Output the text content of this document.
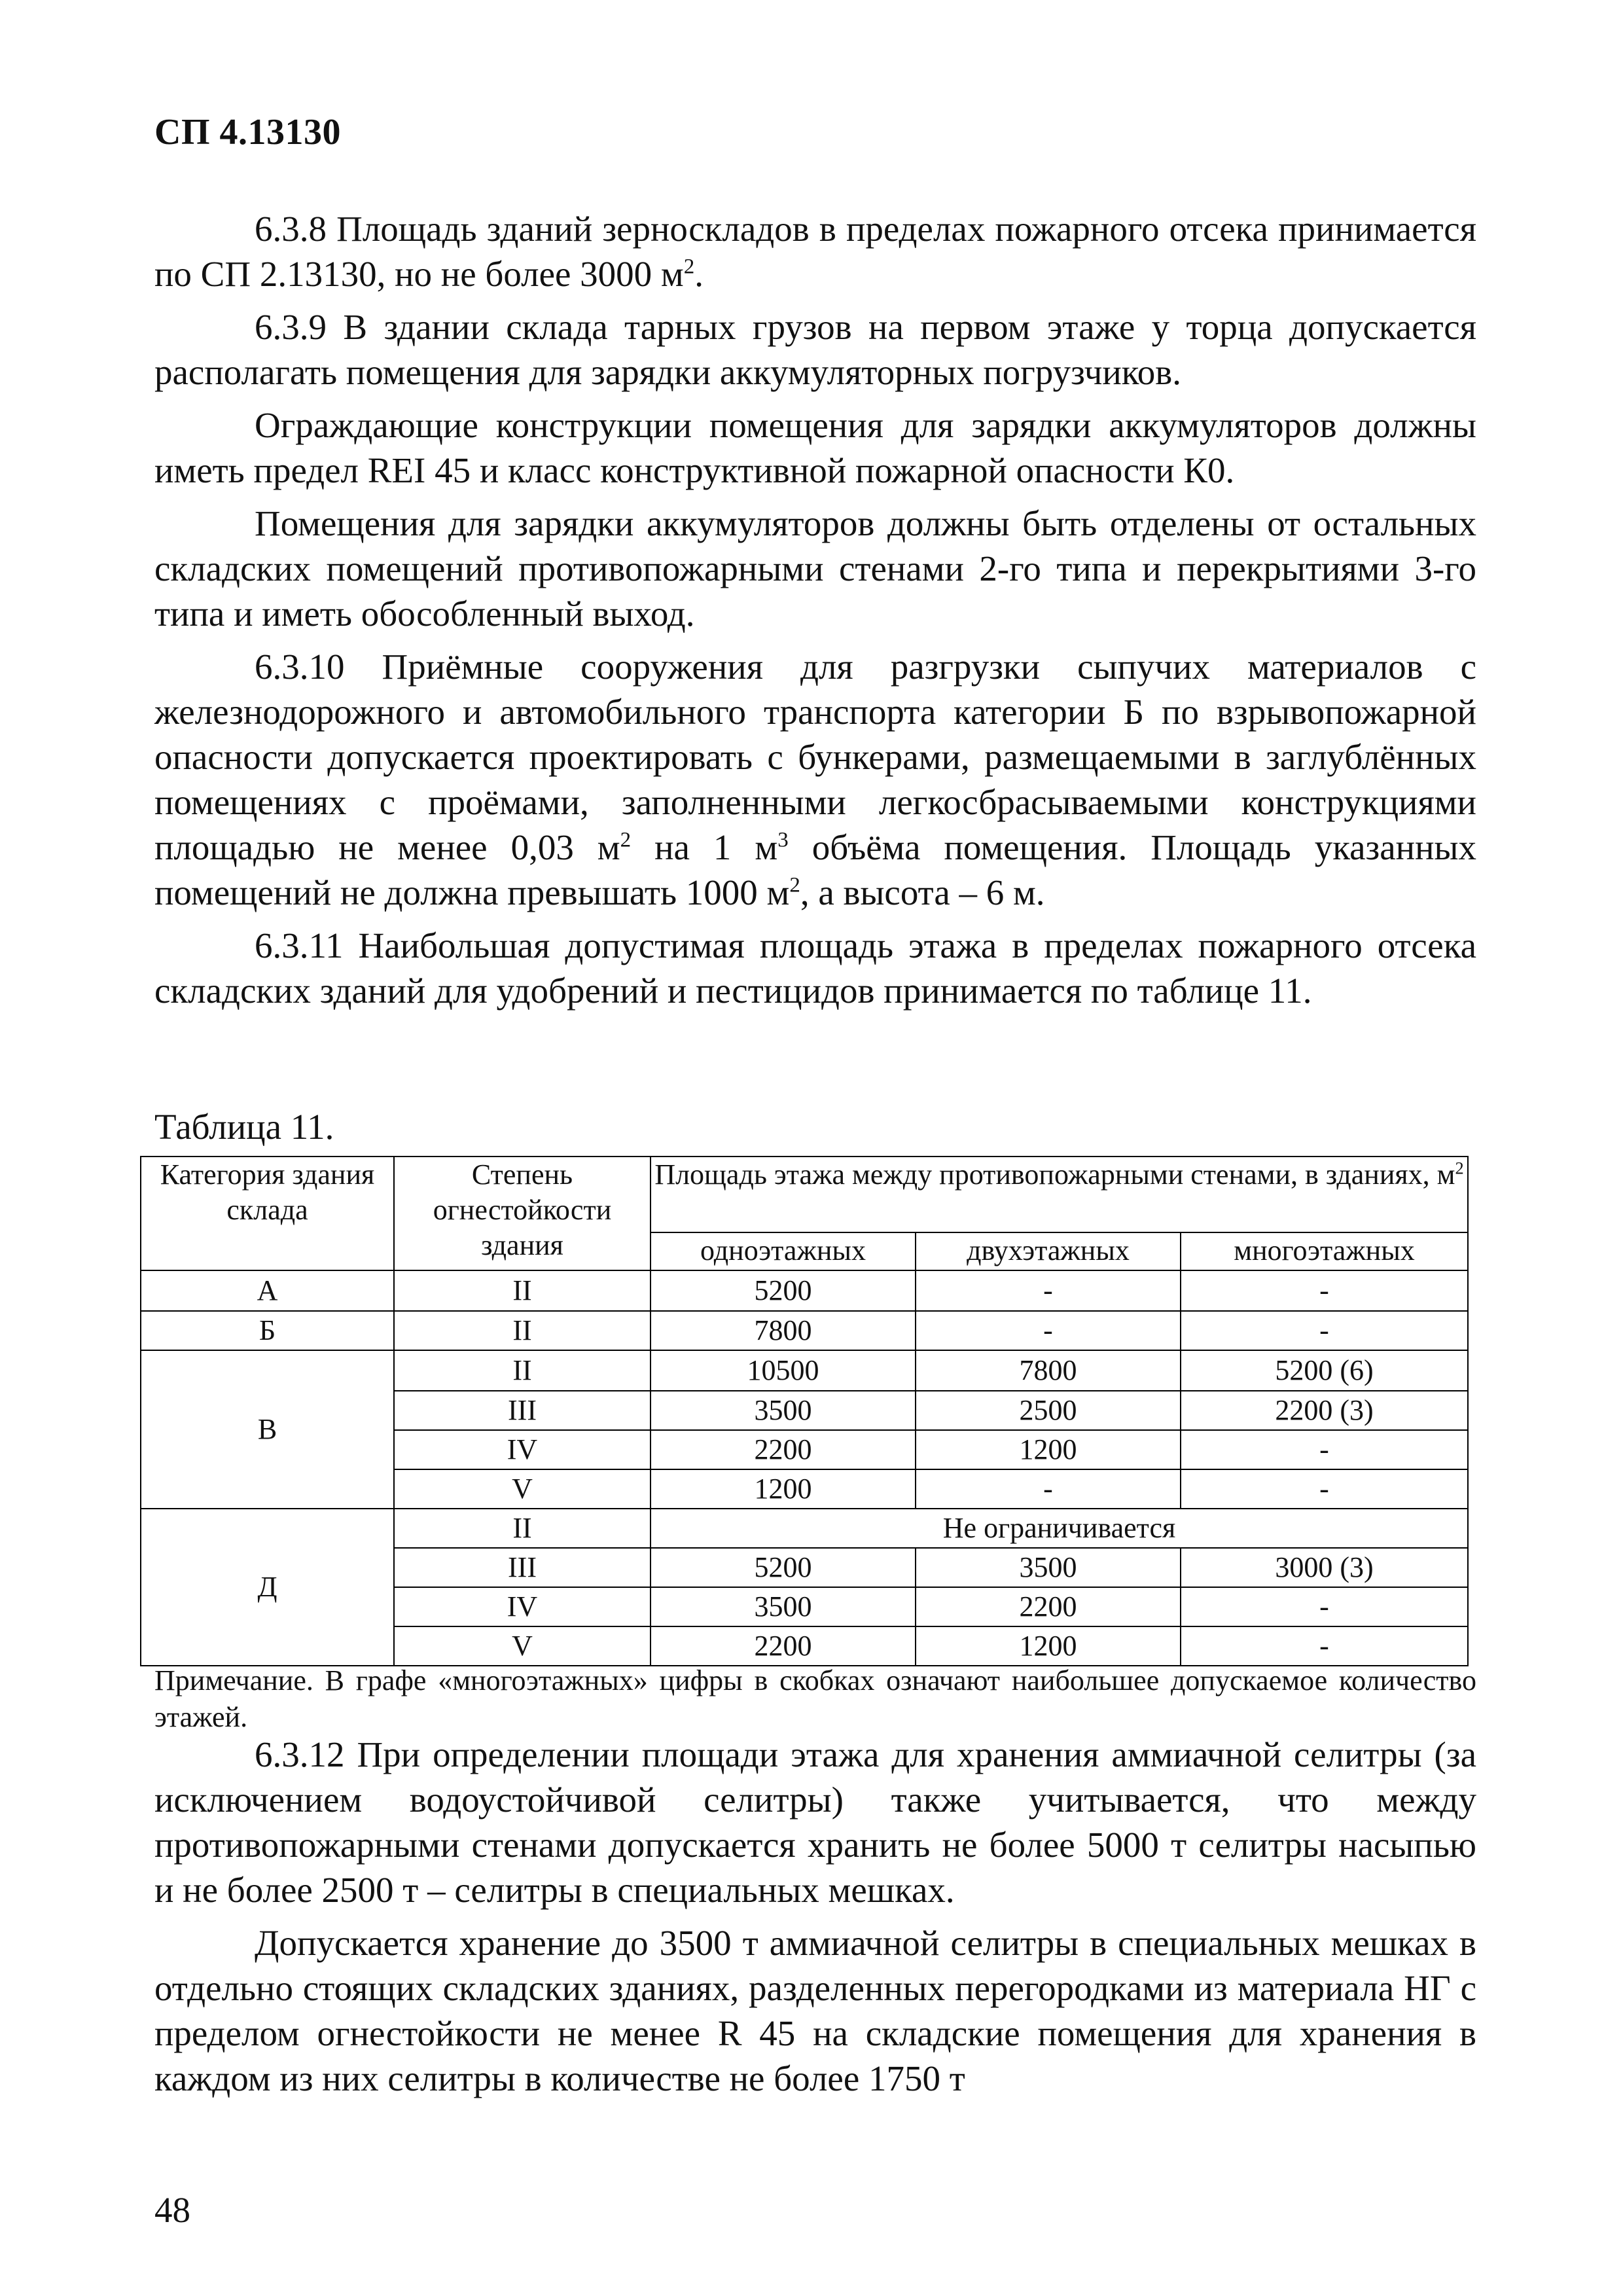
СП 4.13130

6.3.8 Площадь зданий зерноскладов в пределах пожарного отсека принимается по СП 2.13130, но не более 3000 $м^2$.

6.3.9 В здании склада тарных грузов на первом этаже у торца допускается располагать помещения для зарядки аккумуляторных погрузчиков.

Ограждающие конструкции помещения для зарядки аккумуляторов должны иметь предел REI 45 и класс конструктивной пожарной опасности К0.

Помещения для зарядки аккумуляторов должны быть отделены от остальных складских помещений противопожарными стенами 2-го типа и перекрытиями 3-го типа и иметь обособленный выход.

6.3.10 Приёмные сооружения для разгрузки сыпучих материалов с железнодорожного и автомобильного транспорта категории Б по взрывопожарной опасности допускается проектировать с бункерами, размещаемыми в заглублённых помещениях с проёмами, заполненными легкосбрасываемыми конструкциями площадью не менее 0,03 $м^2$ на 1 $м^3$ объёма помещения. Площадь указанных помещений не должна превышать 1000 $м^2$, а высота – 6 м.

6.3.11 Наибольшая допустимая площадь этажа в пределах пожарного отсека складских зданий для удобрений и пестицидов принимается по таблице 11.

Таблица 11.
Категория здания склада	Степень огнестойкости здания	Площадь этажа между противопожарными стенами, в зданиях, $м^2$
		одноэтажных	двухэтажных	многоэтажных
А	II	5200	-	-
Б	II	7800	-	-
В	II	10500	7800	5200 (6)
	III	3500	2500	2200 (3)
	IV	2200	1200	-
	V	1200	-	-
Д	II	Не ограничивается		
	III	5200	3500	3000 (3)
	IV	3500	2200	-
	V	2200	1200	-
Примечание. В графе «многоэтажных» цифры в скобках означают наибольшее допускаемое количество этажей.

6.3.12 При определении площади этажа для хранения аммиачной селитры (за исключением водоустойчивой селитры) также учитывается, что между противопожарными стенами допускается хранить не более 5000 т селитры насыпью и не более 2500 т – селитры в специальных мешках.

Допускается хранение до 3500 т аммиачной селитры в специальных мешках в отдельно стоящих складских зданиях, разделенных перегородками из материала НГ с пределом огнестойкости не менее R 45 на складские помещения для хранения в каждом из них селитры в количестве не более 1750 т

48
